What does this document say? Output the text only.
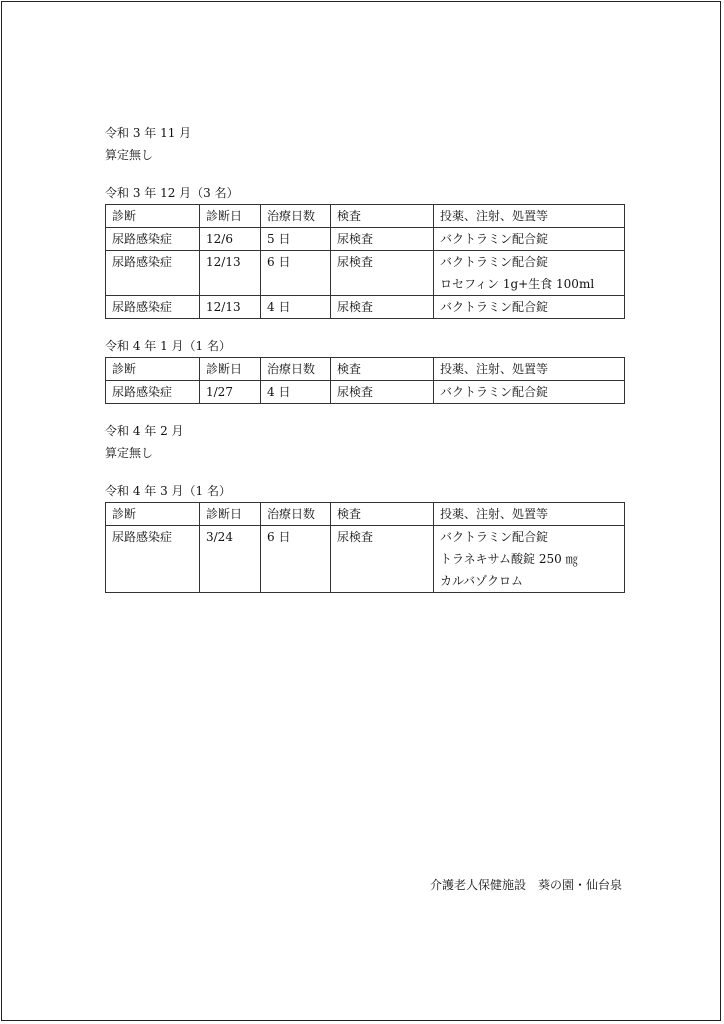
令和 3 年 11 月
算定無し
令和 3 年 12 月（3 名）
診断	診断日	治療日数	検査	投薬、注射、処置等
尿路感染症	12/6	5 日	尿検査	バクトラミン配合錠

尿路感染症	12/13	6 日	尿検査	バクトラミン配合錠
ロセフィン 1g+生食 100ml

尿路感染症	12/13	4 日	尿検査	バクトラミン配合錠
令和 4 年 1 月（1 名）
診断	診断日	治療日数	検査	投薬、注射、処置等
尿路感染症	1/27	4 日	尿検査	バクトラミン配合錠
令和 4 年 2 月
算定無し
令和 4 年 3 月（1 名）
診断	診断日	治療日数	検査	投薬、注射、処置等
尿路感染症	3/24	6 日	尿検査	バクトラミン配合錠
トラネキサム酸錠 250 ㎎
カルバゾクロム
介護老人保健施設　葵の園・仙台泉
